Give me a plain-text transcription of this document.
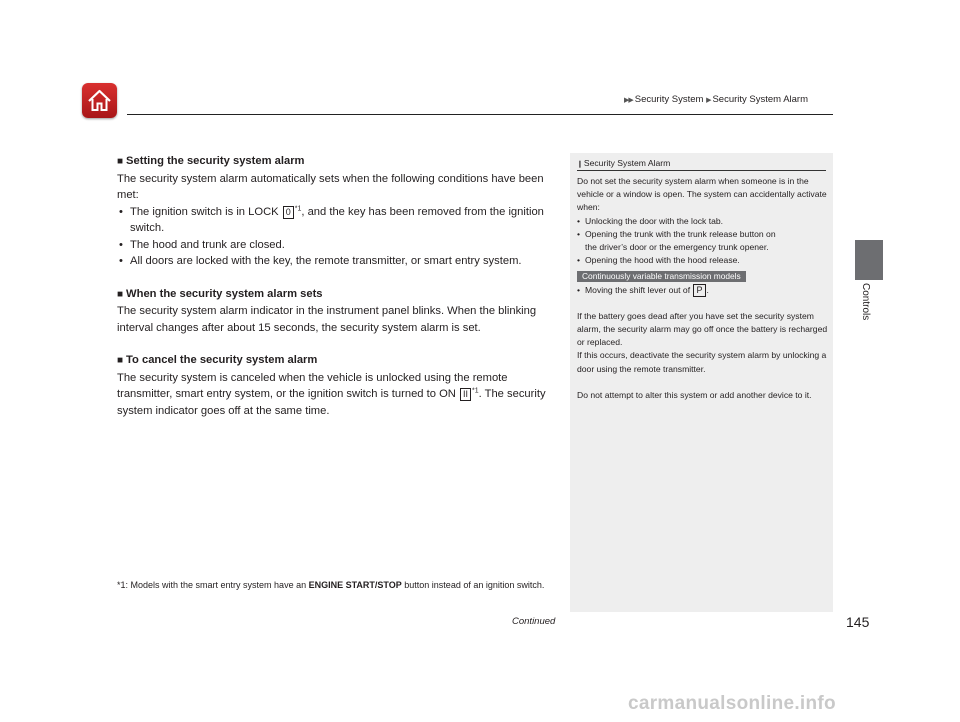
▶▶ Security System ▶ Security System Alarm
Controls
■ Setting the security system alarm

The security system alarm automatically sets when the following conditions have been met:

• The ignition switch is in LOCK 0 $^{*1}$, and the key has been removed from the ignition switch.
• The hood and trunk are closed.
• All doors are locked with the key, the remote transmitter, or smart entry system.
■ When the security system alarm sets

The security system alarm indicator in the instrument panel blinks. When the blinking interval changes after about 15 seconds, the security system alarm is set.

■ To cancel the security system alarm

The security system is canceled when the vehicle is unlocked using the remote transmitter, smart entry system, or the ignition switch is turned to ON II $^{*1}$. The security system indicator goes off at the same time.

*1: Models with the smart entry system have an ENGINE START/STOP button instead of an ignition switch.
Continued	145
❙Security System Alarm

Do not set the security system alarm when someone is in the vehicle or a window is open. The system can accidentally activate when:

• Unlocking the door with the lock tab.

• Opening the trunk with the trunk release button on

the driver’s door or the emergency trunk opener.

• Opening the hood with the hood release.

Continuously variable transmission models

• Moving the shift lever out of P .

If the battery goes dead after you have set the security system alarm, the security alarm may go off once the battery is recharged or replaced.

If this occurs, deactivate the security system alarm by unlocking a door using the remote transmitter.

Do not attempt to alter this system or add another device to it.

carmanualsonline.info
